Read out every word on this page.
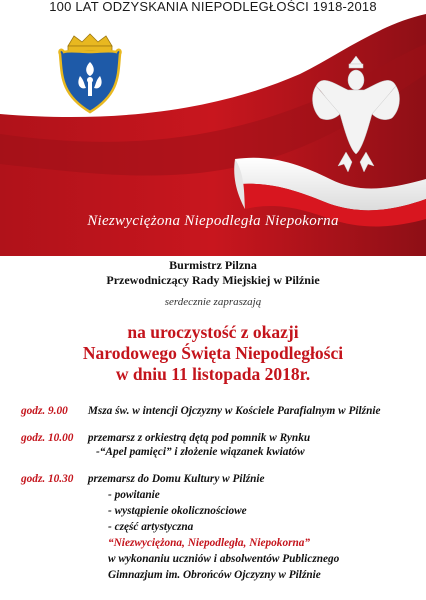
100 LAT ODZYSKANIA NIEPODLEGŁOŚCI 1918-2018
Niezwyciężona Niepodległa Niepokorna
Burmistrz Pilzna
Przewodniczący Rady Miejskiej w Pilźnie
serdecznie zapraszają
na uroczystość z okazji
Narodowego Święta Niepodległości
w dniu 11 listopada 2018r.
godz. 9.00 Msza św. w intencji Ojczyzny w Kościele Parafialnym w Pilźnie
godz. 10.00 przemarsz z orkiestrą dętą pod pomnik w Rynku
-“Apel pamięci” i złożenie wiązanek kwiatów
godz. 10.30 przemarsz do Domu Kultury w Pilźnie
- powitanie
- wystąpienie okolicznościowe
- część artystyczna
“Niezwyciężona, Niepodległa, Niepokorna”
w wykonaniu uczniów i absolwentów Publicznego
Gimnazjum im. Obrońców Ojczyzny w Pilźnie
